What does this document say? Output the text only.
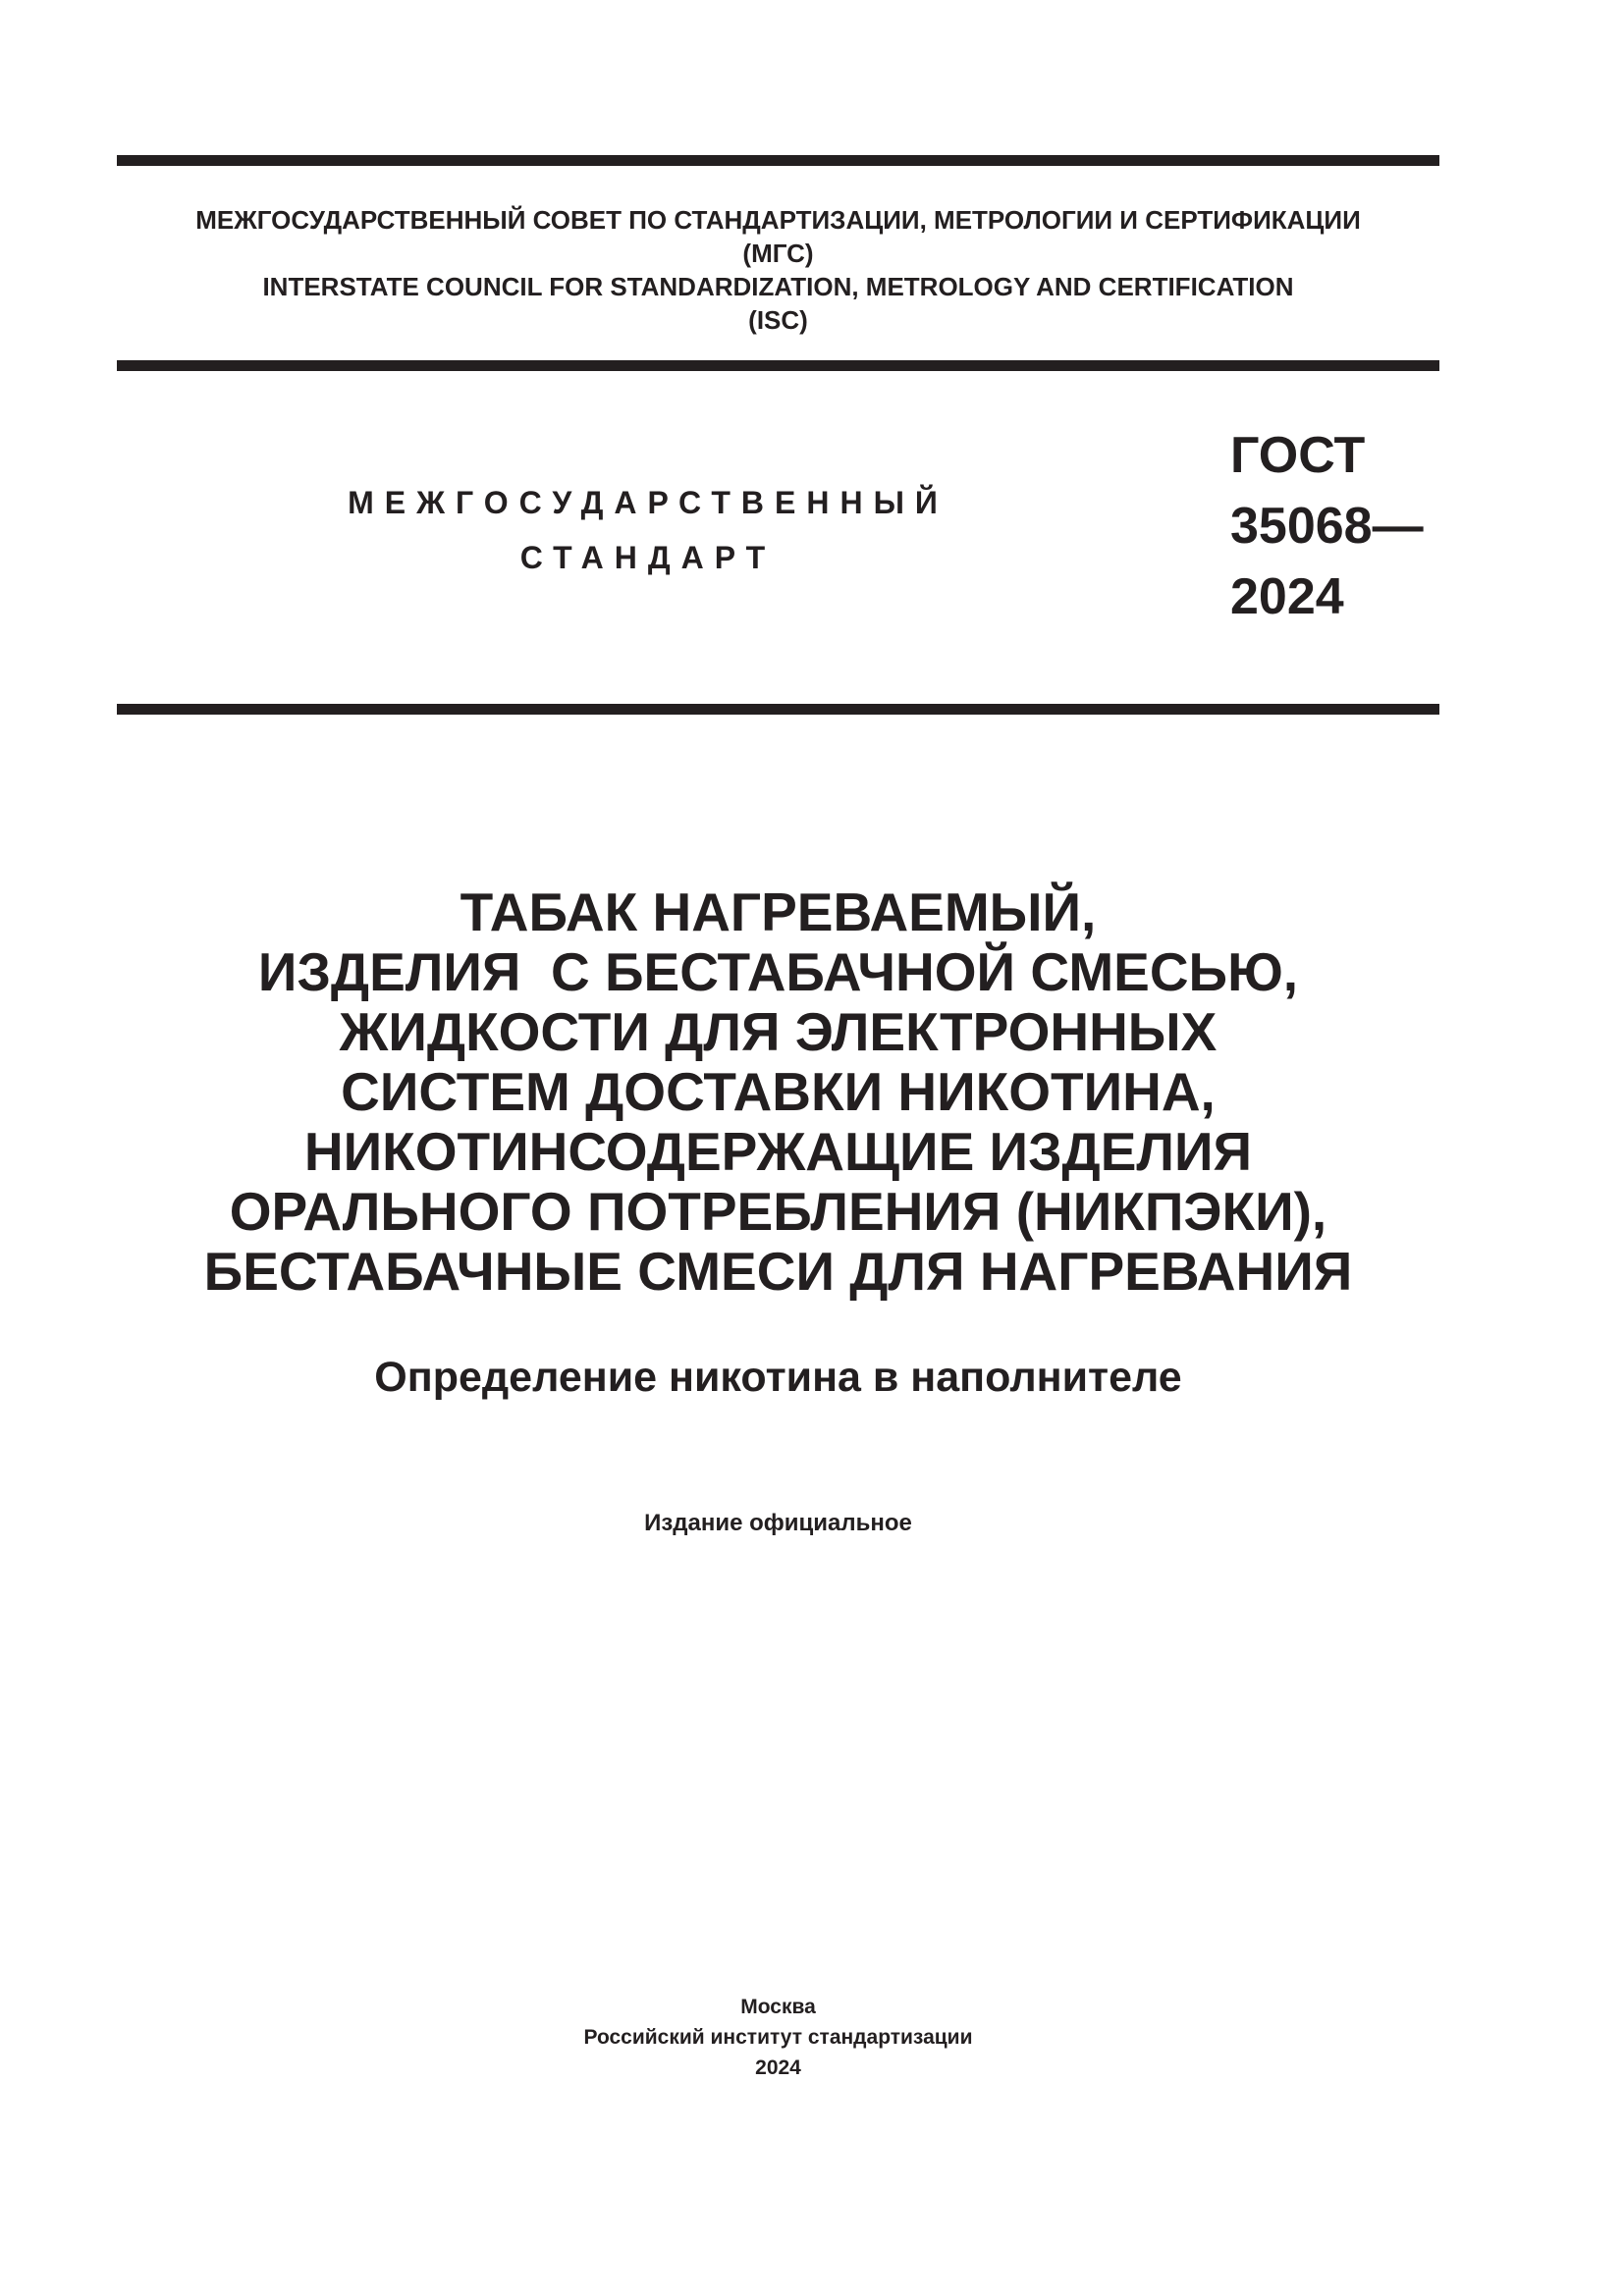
МЕЖГОСУДАРСТВЕННЫЙ СОВЕТ ПО СТАНДАРТИЗАЦИИ, МЕТРОЛОГИИ И СЕРТИФИКАЦИИ
(МГС)
INTERSTATE COUNCIL FOR STANDARDIZATION, METROLOGY AND CERTIFICATION
(ISC)
МЕЖГОСУДАРСТВЕННЫЙ
СТАНДАРТ
ГОСТ
35068—
2024
ТАБАК НАГРЕВАЕМЫЙ,
ИЗДЕЛИЯ  С БЕСТАБАЧНОЙ СМЕСЬЮ,
ЖИДКОСТИ ДЛЯ ЭЛЕКТРОННЫХ
СИСТЕМ ДОСТАВКИ НИКОТИНА,
НИКОТИНСОДЕРЖАЩИЕ ИЗДЕЛИЯ
ОРАЛЬНОГО ПОТРЕБЛЕНИЯ (НИКПЭКИ),
БЕСТАБАЧНЫЕ СМЕСИ ДЛЯ НАГРЕВАНИЯ
Определение никотина в наполнителе
Издание официальное
Москва
Российский институт стандартизации
2024
